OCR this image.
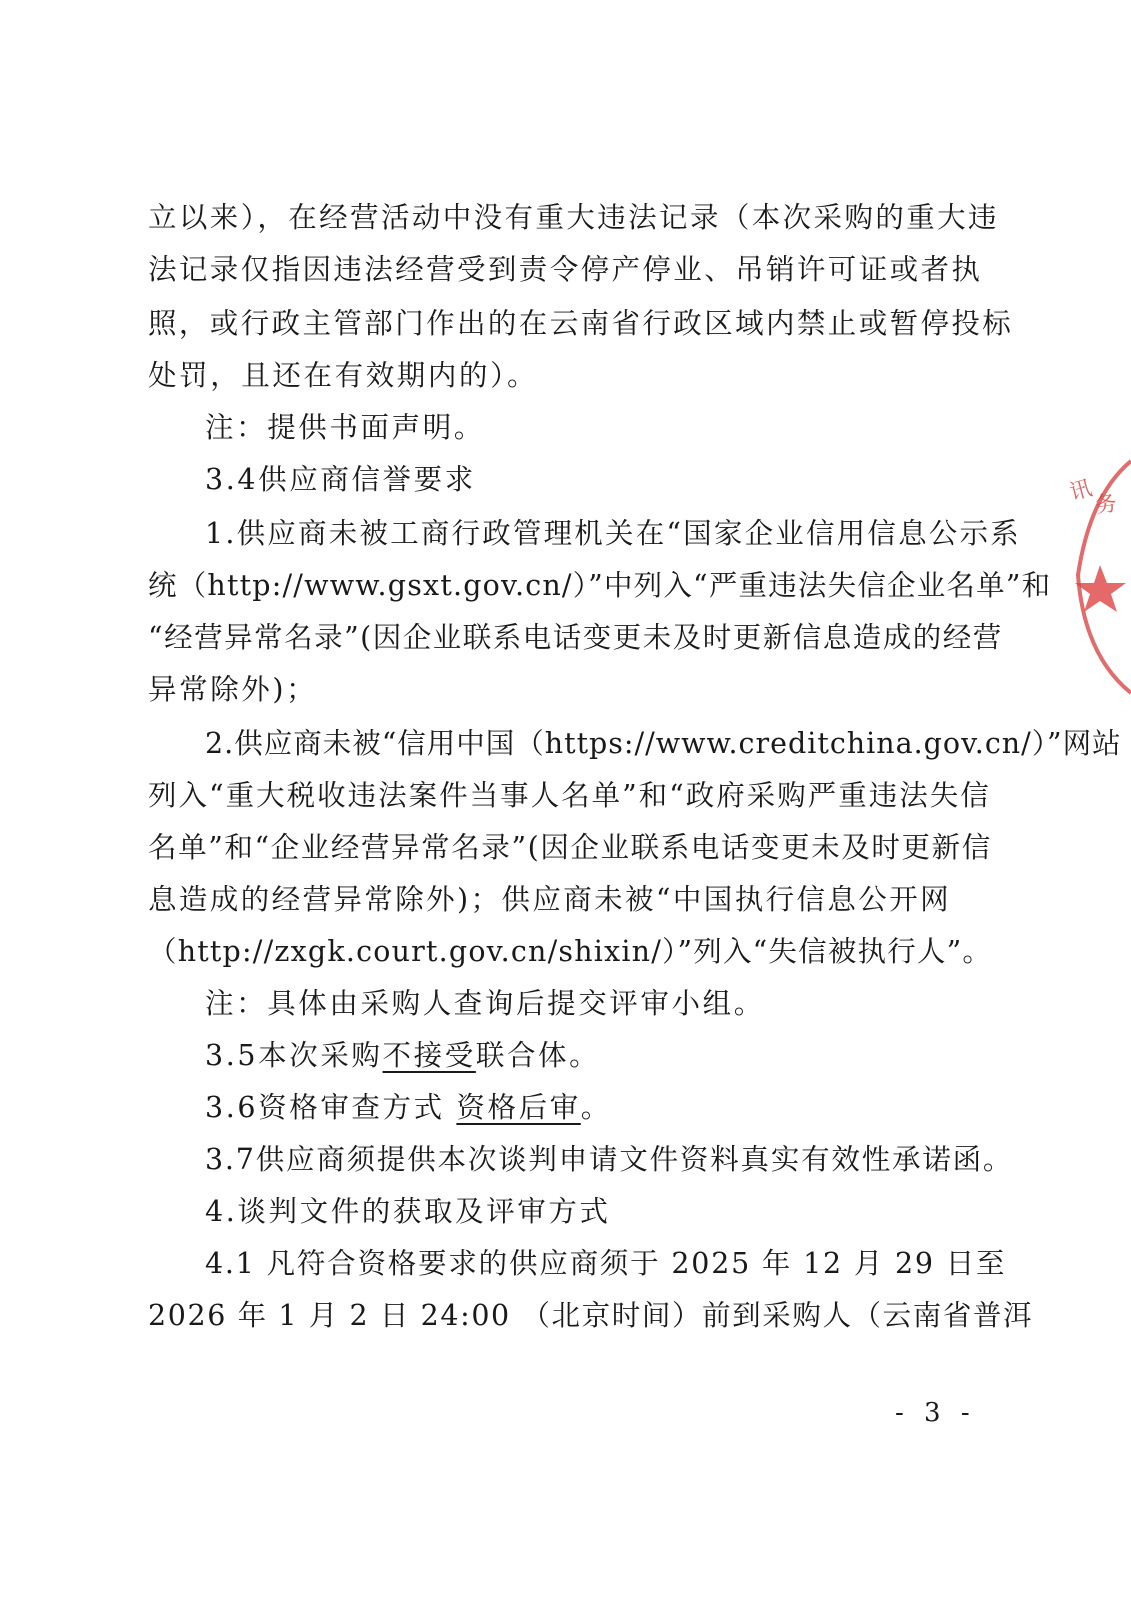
立以来），在经营活动中没有重大违法记录（本次采购的重大违
法记录仅指因违法经营受到责令停产停业、吊销许可证或者执
照，或行政主管部门作出的在云南省行政区域内禁止或暂停投标
处罚，且还在有效期内的）。
注：提供书面声明。
3.4供应商信誉要求
1.供应商未被工商行政管理机关在“国家企业信用信息公示系
统（http://www.gsxt.gov.cn/）”中列入“严重违法失信企业名单”和
“经营异常名录”(因企业联系电话变更未及时更新信息造成的经营
异常除外)；
2.供应商未被“信用中国（https://www.creditchina.gov.cn/）”网站
列入“重大税收违法案件当事人名单”和“政府采购严重违法失信
名单”和“企业经营异常名录”(因企业联系电话变更未及时更新信
息造成的经营异常除外)；供应商未被“中国执行信息公开网
（http://zxgk.court.gov.cn/shixin/）”列入“失信被执行人”。
注：具体由采购人查询后提交评审小组。
3.5本次采购不接受联合体。
3.6资格审查方式 资格后审。
3.7供应商须提供本次谈判申请文件资料真实有效性承诺函。
4.谈判文件的获取及评审方式
4.1 凡符合资格要求的供应商须于 2025 年 12 月 29 日至
2026 年 1 月 2 日 24:00 （北京时间）前到采购人（云南省普洱
- 3 -
讯
务
